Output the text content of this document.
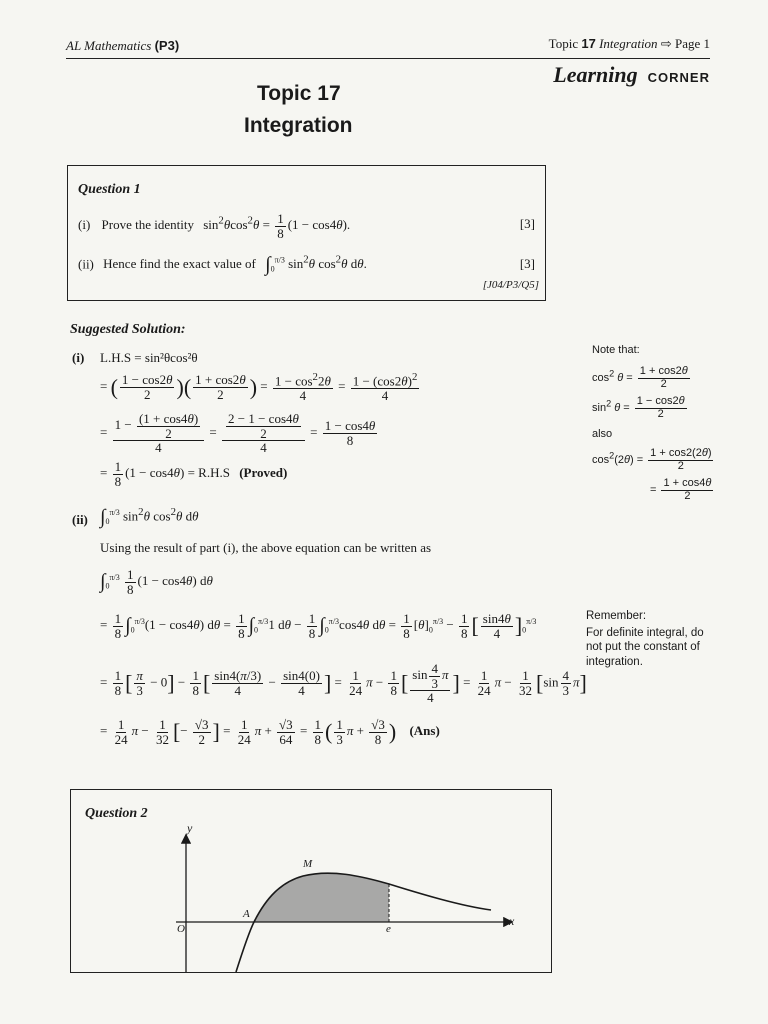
AL Mathematics (P3)	Topic 17 Integration ⇨ Page 1
Learning CORNER
Topic 17
Integration
Question 1
(i) Prove the identity $\sin^2\theta\cos^2\theta = \frac{1}{8} (1 - \cos 4\theta)$.	[3]
(ii) Hence find the exact value of $\int_0^{\pi/3}$ $\sin^2\theta$ $\cos^2\theta$ dθ.	[3]
[J04/P3/Q5]
Suggested Solution:
(i) L.H.S = sin²θcos²θ
= ( $\frac{1 - \cos 2\theta}{2}$ )( $\frac{1 + \cos 2\theta}{2}$ ) = $\frac{1 - \cos^22\theta}{4} = \frac{1 - (\cos 2\theta)^2}{4}$
= $\frac{1 - \frac{(1 + \cos 4\theta)}{2}}{4} = \frac{\frac{2 - 1 - \cos 4\theta}{2}}{4} = \frac{1 - \cos 4\theta}{8}$
= $\frac{1}{8} (1 - \cos 4\theta) = R.H.S$ (Proved)
(ii) $\int_0^{\pi/3}$ $\sin^2\theta$ $\cos^2\theta$ dθ
Using the result of part (i), the above equation can be written as
$\int_0^{\pi/3} \frac{1}{8} (1 - \cos 4\theta)$ dθ
= $\frac{1}{8} \int_0^{\pi/3}(1 - \cos 4\theta) d\theta = \frac{1}{8} \int_0^{\pi/3}1$ $d\theta - \frac{1}{8} \int_0^{\pi/3}\cos 4\theta$ $d\theta = \frac{1}{8} [\theta]_0^{\pi/3} - \frac{1}{8}$ [ $\frac{\sin 4\theta}{4} ]_0^{\pi/3}$
= $\frac{1}{8}$ [ $\frac{\pi}{3} - 0] - \frac{1}{8}$ [ $\frac{\sin 4(\pi/3)}{4} - \frac{\sin 4(0)}{4}$ ] = $\frac{1}{24}$ $\pi - \frac{1}{8}$ [ $\frac{\sin \frac{4}{3} \pi}{4}$ ] = $\frac{1}{24}$ $\pi - \frac{1}{32} [\sin \frac{4}{3} \pi]$
= $\frac{1}{24}$ $\pi - \frac{1}{32}$ [− $\frac{√3}{2}$ ] = $\frac{1}{24}$ $\pi + \frac{√3}{64} = \frac{1}{8}$ ( $\frac{1}{3}$ $\pi + \frac{√3}{8}$ ) (Ans)
Note that:
$\cos^2 \theta = \frac{1 + \cos 2\theta}{2}$
$\sin^2 \theta = \frac{1 - \cos 2\theta}{2}$
also
$\cos^2(2\theta) = \frac{1 + \cos 2(2\theta)}{2}$
= $\frac{1 + \cos 4\theta}{2}$
Remember:
For definite integral, do not put the constant of integration.
Question 2
y
x
O
A
M
e
